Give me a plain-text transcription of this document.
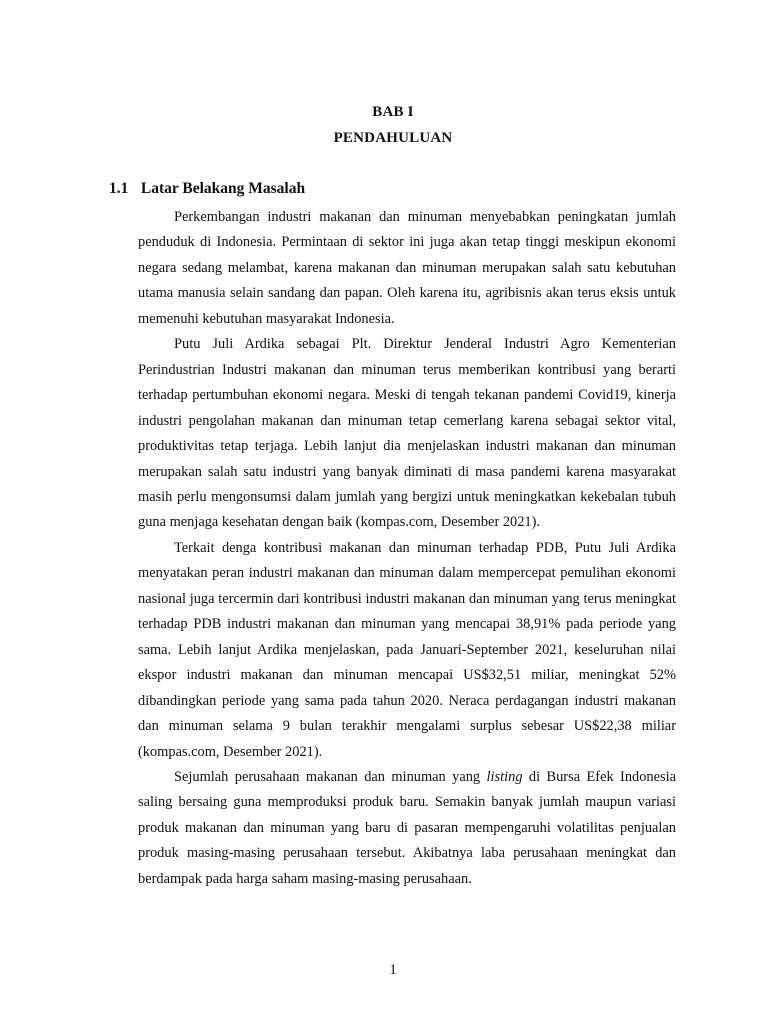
BAB I
PENDAHULUAN
1.1 Latar Belakang Masalah

Perkembangan industri makanan dan minuman menyebabkan peningkatan jumlah penduduk di Indonesia. Permintaan di sektor ini juga akan tetap tinggi meskipun ekonomi negara sedang melambat, karena makanan dan minuman merupakan salah satu kebutuhan utama manusia selain sandang dan papan. Oleh karena itu, agribisnis akan terus eksis untuk memenuhi kebutuhan masyarakat Indonesia.

Putu Juli Ardika sebagai Plt. Direktur Jenderal Industri Agro Kementerian Perindustrian Industri makanan dan minuman terus memberikan kontribusi yang berarti terhadap pertumbuhan ekonomi negara. Meski di tengah tekanan pandemi Covid19, kinerja industri pengolahan makanan dan minuman tetap cemerlang karena sebagai sektor vital, produktivitas tetap terjaga. Lebih lanjut dia menjelaskan industri makanan dan minuman merupakan salah satu industri yang banyak diminati di masa pandemi karena masyarakat masih perlu mengonsumsi dalam jumlah yang bergizi untuk meningkatkan kekebalan tubuh guna menjaga kesehatan dengan baik (kompas.com, Desember 2021).

Terkait denga kontribusi makanan dan minuman terhadap PDB, Putu Juli Ardika menyatakan peran industri makanan dan minuman dalam mempercepat pemulihan ekonomi nasional juga tercermin dari kontribusi industri makanan dan minuman yang terus meningkat terhadap PDB industri makanan dan minuman yang mencapai 38,91% pada periode yang sama. Lebih lanjut Ardika menjelaskan, pada Januari-September 2021, keseluruhan nilai ekspor industri makanan dan minuman mencapai US$32,51 miliar, meningkat 52% dibandingkan periode yang sama pada tahun 2020. Neraca perdagangan industri makanan dan minuman selama 9 bulan terakhir mengalami surplus sebesar US$22,38 miliar (kompas.com, Desember 2021).

Sejumlah perusahaan makanan dan minuman yang listing di Bursa Efek Indonesia saling bersaing guna memproduksi produk baru. Semakin banyak jumlah maupun variasi produk makanan dan minuman yang baru di pasaran mempengaruhi volatilitas penjualan produk masing-masing perusahaan tersebut. Akibatnya laba perusahaan meningkat dan berdampak pada harga saham masing-masing perusahaan.

1
